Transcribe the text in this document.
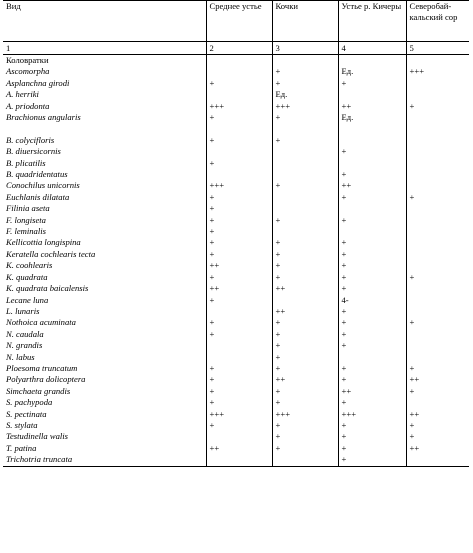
Вид	Среднее устье	Кочки	Устье р. Кичеры	Северобай-кальский сор
1	2	3	4	5
Коловратки				
Ascomorpha		+	Ед.	+++
Asplanchna girodi	+	+	+	
A. herriki		Ед.		
A. priodonta	+++	+++	++	+
Brachionus angularis	+	+	Ед.	

B. colycifloris	+	+		
B. diuersicornis			+	
B. plicatilis	+			
B. quadridentatus			+	
Conochilus unicornis	+++	+	++	
Euchlanis dilatata	+		+	+
Filinia aseta	+			
F. longiseta	+	+	+	
F. leminalis	+			
Kellicottia longispina	+	+	+	
Keratella cochlearis tecta	+	+	+	
K. coohlearis	++	+	+	
K. quadrata	+	+	+	+
K. quadrata baicalensis	++	++	+	
Lecane luna	+		4-	
L. lunaris		++	+	
Nothoica acuminata	+	+	+	+
N. caudala	+	+	+	
N. grandis		+	+	
N. labus		+		
Ploesoma truncatum	+	+	+	+
Polyarthra dolicoptera	+	++	+	++
Simchaeta grandis	+	+	++	+
S. pachypoda	+	+	+	
S. pectinata	+++	+++	+++	++
S. stylata	+	+	+	+
Testudinella walis		+	+	+
T. patina	++	+	+	++
Trichotria truncata			+	
